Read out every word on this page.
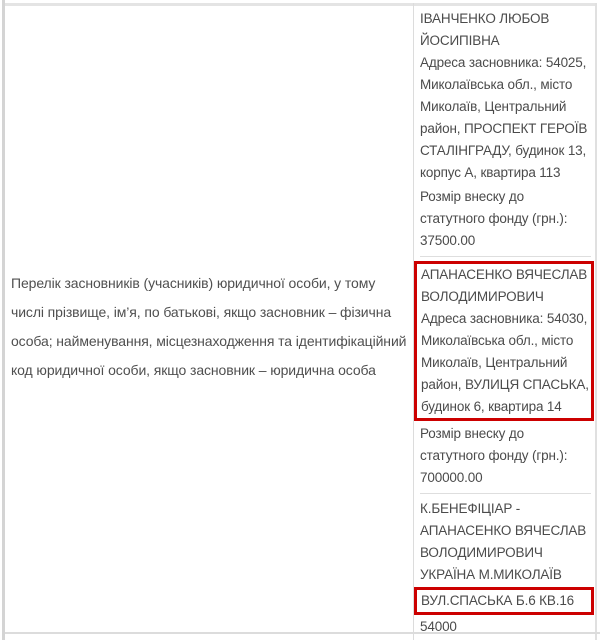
Перелік засновників (учасників) юридичної особи, у тому числі прізвище, ім’я, по батькові, якщо засновник – фізична особа; найменування, місцезнаходження та ідентифікаційний код юридичної особи, якщо засновник – юридична особа

ІВАНЧЕНКО ЛЮБОВ ЙОСИПІВНА
Адреса засновника: 54025, Миколаївська обл., місто Миколаїв, Центральний район, ПРОСПЕКТ ГЕРОЇВ СТАЛІНГРАДУ, будинок 13, корпус А, квартира 113
Розмір внеску до статутного фонду (грн.):
37500.00
АПАНАСЕНКО ВЯЧЕСЛАВ ВОЛОДИМИРОВИЧ
Адреса засновника: 54030, Миколаївська обл., місто Миколаїв, Центральний район, ВУЛИЦЯ СПАСЬКА, будинок 6, квартира 14
Розмір внеску до статутного фонду (грн.):
700000.00
К.БЕНЕФІЦІАР - АПАНАСЕНКО ВЯЧЕСЛАВ ВОЛОДИМИРОВИЧ
УКРАЇНА М.МИКОЛАЇВ
ВУЛ.СПАСЬКА Б.6 КВ.16
54000
